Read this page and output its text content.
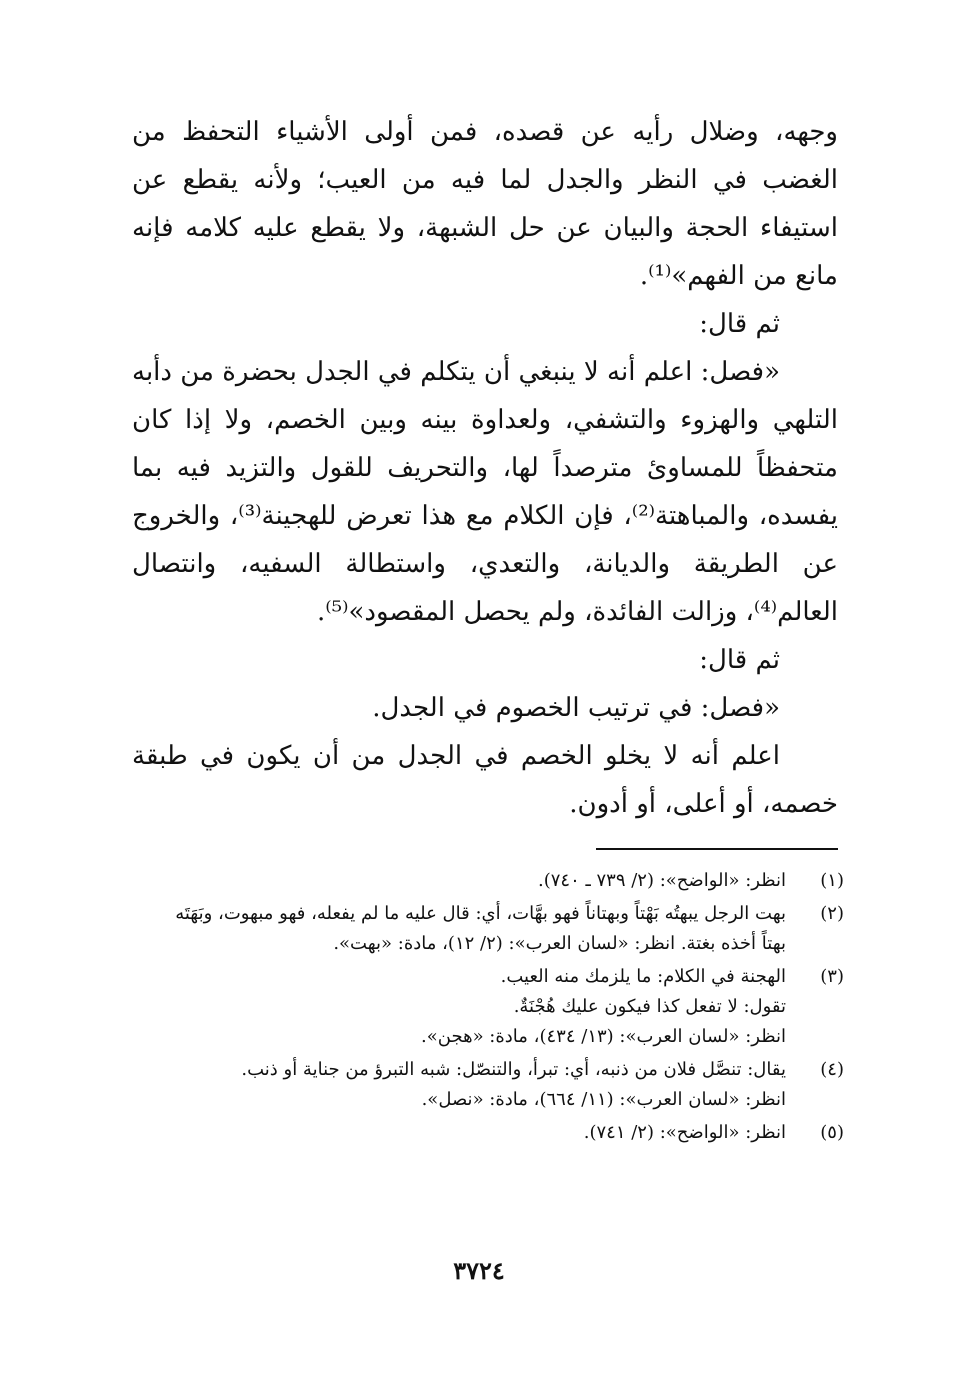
وجهه، وضلال رأيه عن قصده، فمن أولى الأشياء التحفظ من الغضب في النظر والجدل لما فيه من العيب؛ ولأنه يقطع عن استيفاء الحجة والبيان عن حل الشبهة، ولا يقطع عليه كلامه فإنه مانع من الفهم»⁽¹⁾.

ثم قال:

«فصل: اعلم أنه لا ينبغي أن يتكلم في الجدل بحضرة من دأبه التلهي والهزوء والتشفي، ولعداوة بينه وبين الخصم، ولا إذا كان متحفظاً للمساوئ مترصداً لها، والتحريف للقول والتزيد فيه بما يفسده، والمباهتة⁽²⁾، فإن الكلام مع هذا تعرض للهجينة⁽³⁾، والخروج عن الطريقة والديانة، والتعدي، واستطالة السفيه، وانتصال العالم⁽⁴⁾، وزالت الفائدة، ولم يحصل المقصود»⁽⁵⁾.

ثم قال:

«فصل: في ترتيب الخصوم في الجدل.

اعلم أنه لا يخلو الخصم في الجدل من أن يكون في طبقة خصمه، أو أعلى، أو أدون.

(١)
انظر: «الواضح»: (٢/ ٧٣٩ ـ ٧٤٠).
(٢)
بهت الرجل يبهتُه بَهْتاً وبهتاناً فهو بهَّات، أي: قال عليه ما لم يفعله، فهو مبهوت، وبَهَتَه
بهتاً أخذه بغتة. انظر: «لسان العرب»: (٢/ ١٢)، مادة: «بهت».
(٣)
الهجنة في الكلام: ما يلزمك منه العيب.
تقول: لا تفعل كذا فيكون عليك هُجْنَةٌ.
انظر: «لسان العرب»: (١٣/ ٤٣٤)، مادة: «هجن».
(٤)
يقال: تنصَّل فلان من ذنبه، أي: تبرأ، والتنصّل: شبه التبرؤ من جناية أو ذنب.
انظر: «لسان العرب»: (١١/ ٦٦٤)، مادة: «نصل».
(٥)
انظر: «الواضح»: (٢/ ٧٤١).
٣٧٢٤
